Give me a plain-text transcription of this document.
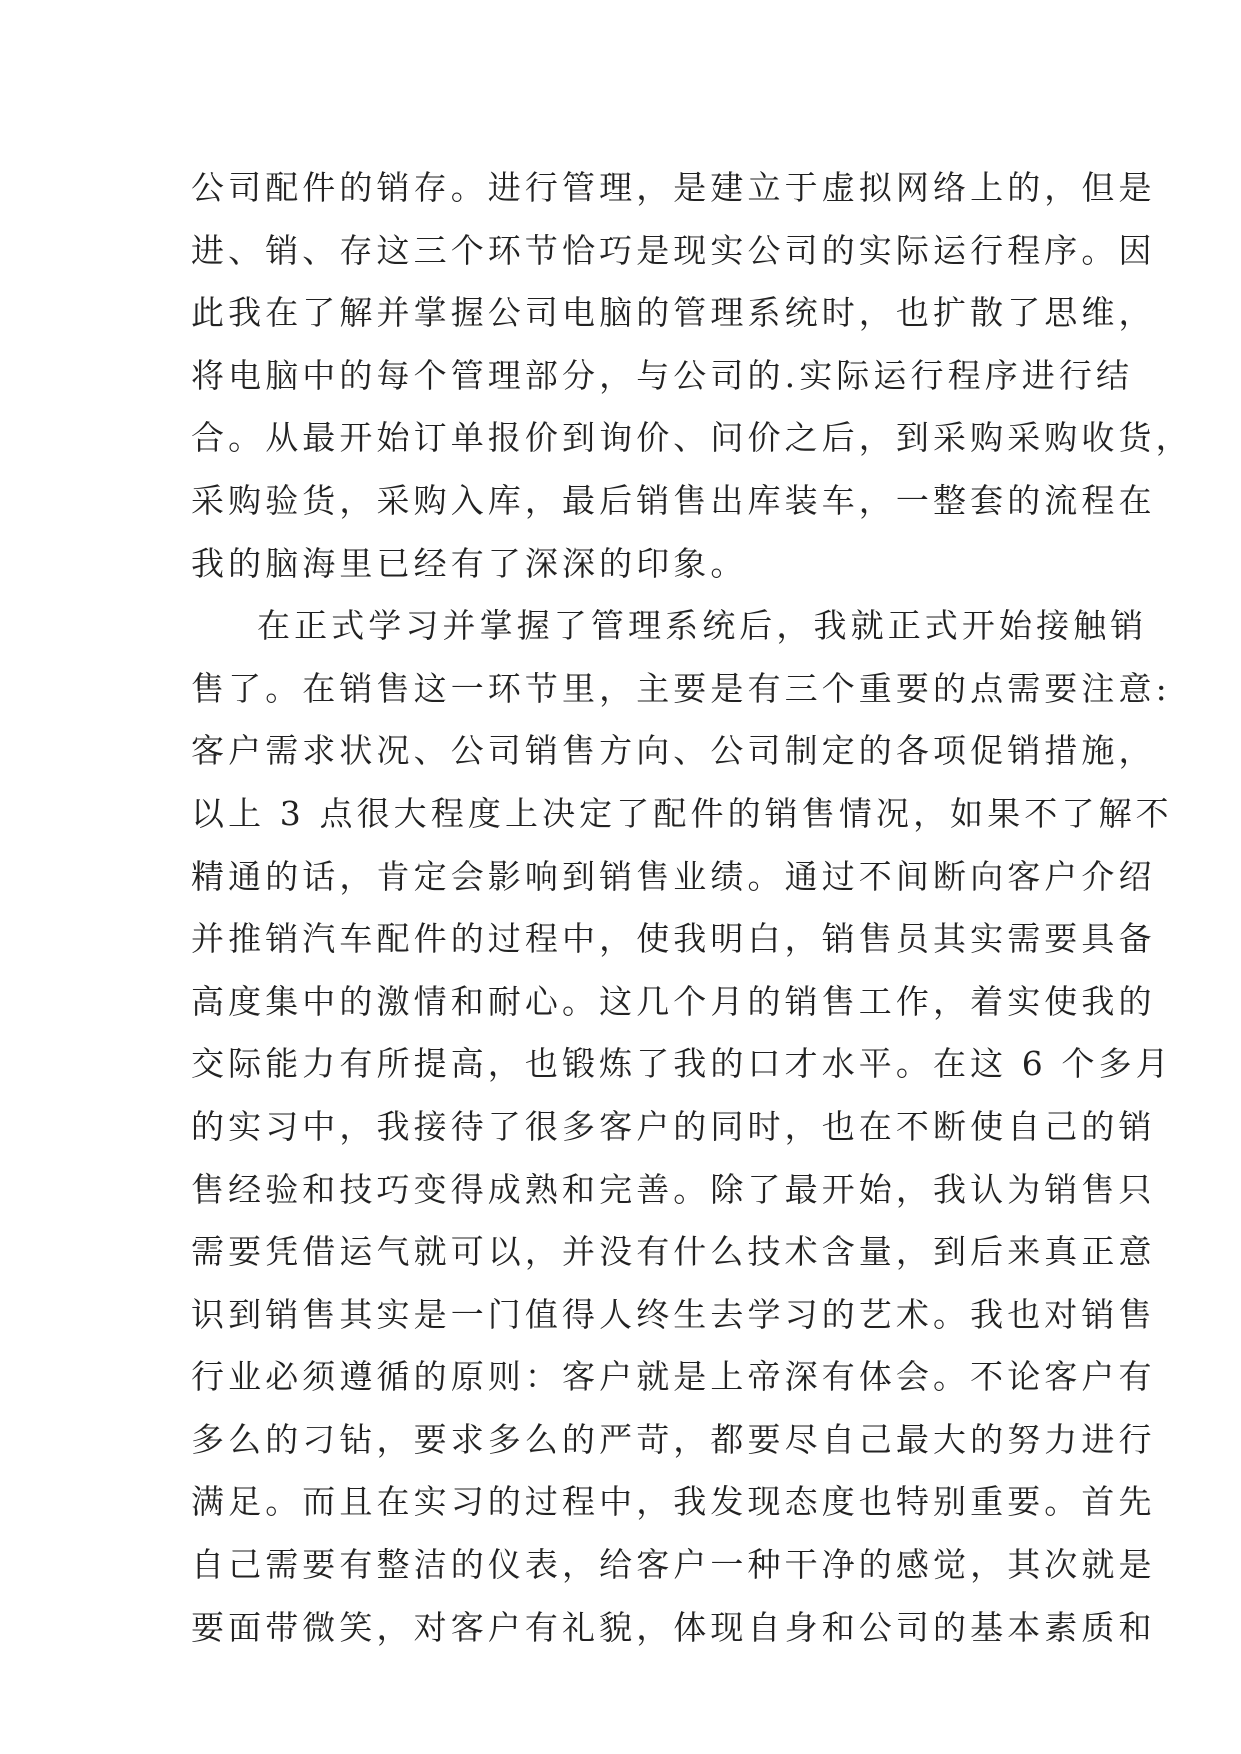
公司配件的销存。进行管理，是建立于虚拟网络上的，但是
进、销、存这三个环节恰巧是现实公司的实际运行程序。因
此我在了解并掌握公司电脑的管理系统时，也扩散了思维，
将电脑中的每个管理部分，与公司的.实际运行程序进行结
合。从最开始订单报价到询价、问价之后，到采购采购收货，
采购验货，采购入库，最后销售出库装车，一整套的流程在
我的脑海里已经有了深深的印象。
在正式学习并掌握了管理系统后，我就正式开始接触销
售了。在销售这一环节里，主要是有三个重要的点需要注意:
客户需求状况、公司销售方向、公司制定的各项促销措施，
以上 3 点很大程度上决定了配件的销售情况，如果不了解不
精通的话，肯定会影响到销售业绩。通过不间断向客户介绍
并推销汽车配件的过程中，使我明白，销售员其实需要具备
高度集中的激情和耐心。这几个月的销售工作，着实使我的
交际能力有所提高，也锻炼了我的口才水平。在这 6 个多月
的实习中，我接待了很多客户的同时，也在不断使自己的销
售经验和技巧变得成熟和完善。除了最开始，我认为销售只
需要凭借运气就可以，并没有什么技术含量，到后来真正意
识到销售其实是一门值得人终生去学习的艺术。我也对销售
行业必须遵循的原则：客户就是上帝深有体会。不论客户有
多么的刁钻，要求多么的严苛，都要尽自己最大的努力进行
满足。而且在实习的过程中，我发现态度也特别重要。首先
自己需要有整洁的仪表，给客户一种干净的感觉，其次就是
要面带微笑，对客户有礼貌，体现自身和公司的基本素质和
